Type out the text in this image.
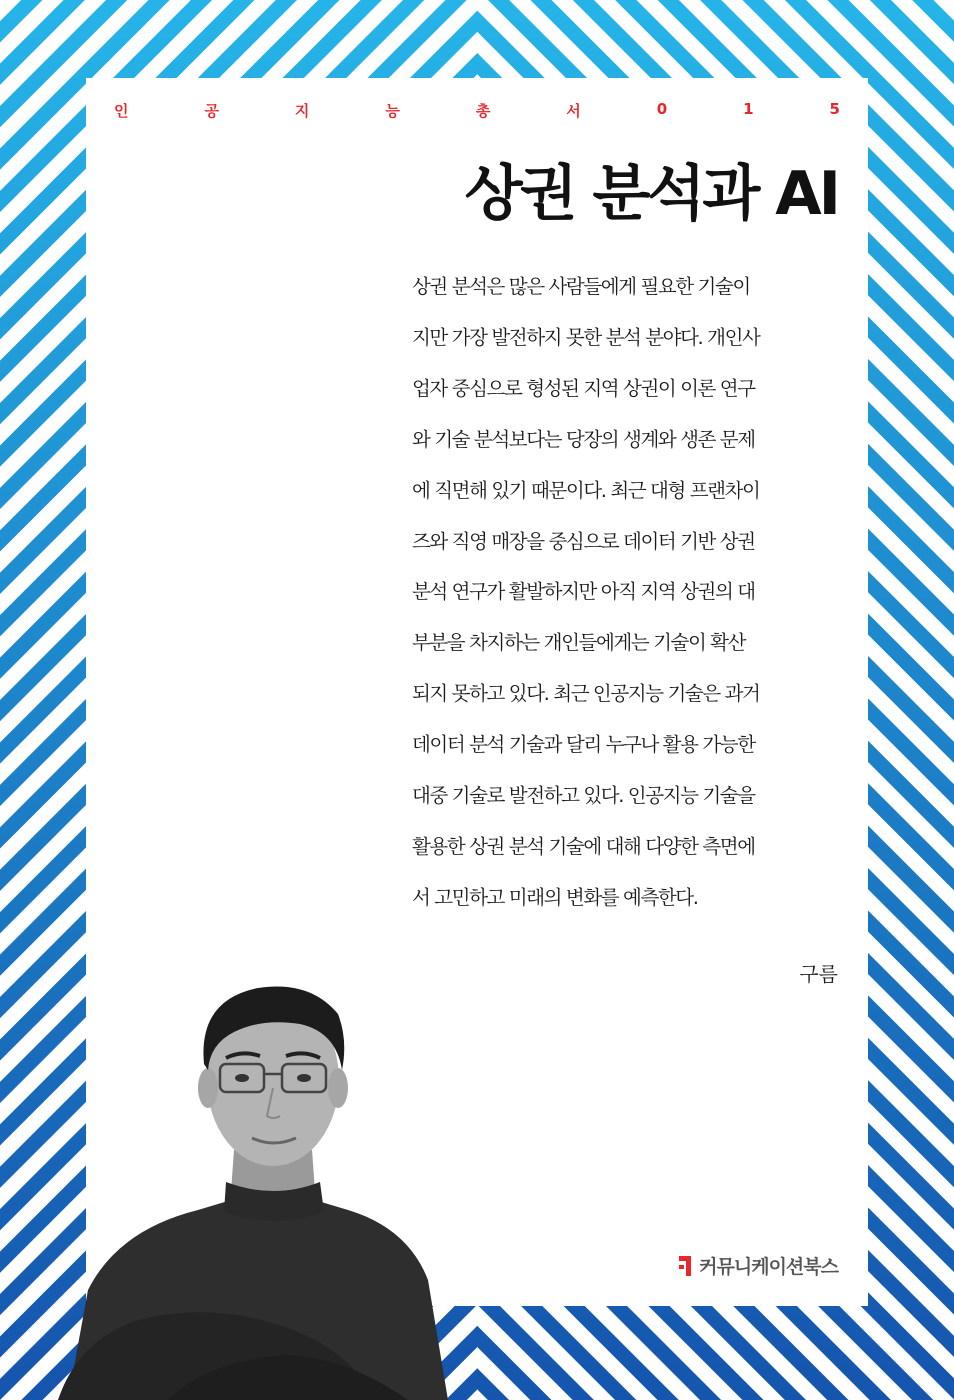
인	공	지	능	총	서	0	1	5
상권 분석과 AI
상권 분석은 많은 사람들에게 필요한 기술이
지만 가장 발전하지 못한 분석 분야다. 개인사
업자 중심으로 형성된 지역 상권이 이론 연구
와 기술 분석보다는 당장의 생계와 생존 문제
에 직면해 있기 때문이다. 최근 대형 프랜차이
즈와 직영 매장을 중심으로 데이터 기반 상권
분석 연구가 활발하지만 아직 지역 상권의 대
부분을 차지하는 개인들에게는 기술이 확산
되지 못하고 있다. 최근 인공지능 기술은 과거
데이터 분석 기술과 달리 누구나 활용 가능한
대중 기술로 발전하고 있다. 인공지능 기술을
활용한 상권 분석 기술에 대해 다양한 측면에
서 고민하고 미래의 변화를 예측한다.
구름
커뮤니케이션북스
